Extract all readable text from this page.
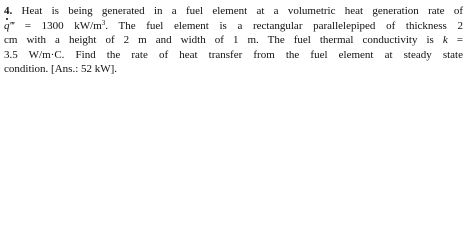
4. Heat is being generated in a fuel element at a volumetric heat generation rate of
q‴ = 1300 $kW/m^3$. The fuel element is a rectangular parallelepiped of thickness 2
cm with a height of 2 m and width of 1 m. The fuel thermal conductivity is k =
3.5 W/m·C. Find the rate of heat transfer from the fuel element at steady state
condition. [Ans.: 52 kW].
